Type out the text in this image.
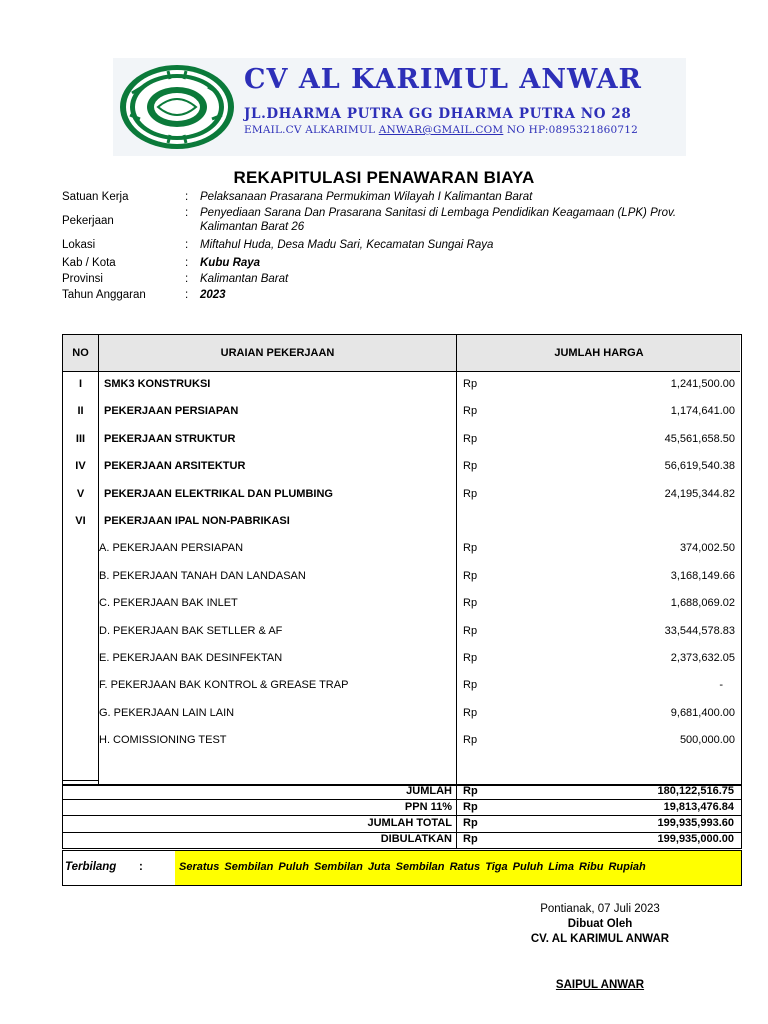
CV AL KARIMUL ANWAR
JL.DHARMA PUTRA GG DHARMA PUTRA NO 28
EMAIL.CV ALKARIMUL ANWAR@GMAIL.COM NO HP:0895321860712
REKAPITULASI PENAWARAN BIAYA
Satuan Kerja	: Pelaksanaan Prasarana Permukiman Wilayah I Kalimantan Barat
Pekerjaan
: Penyediaan Sarana Dan Prasarana Sanitasi di Lembaga Pendidikan Keagamaan (LPK) Prov.
Kalimantan Barat 26
Lokasi	: Miftahul Huda, Desa Madu Sari, Kecamatan Sungai Raya
Kab / Kota	: Kubu Raya
Provinsi	: Kalimantan Barat
Tahun Anggaran	: 2023
NO	URAIAN PEKERJAAN	JUMLAH HARGA
I	SMK3 KONSTRUKSI	Rp	1,241,500.00
II	PEKERJAAN PERSIAPAN	Rp	1,174,641.00
III	PEKERJAAN STRUKTUR	Rp	45,561,658.50
IV	PEKERJAAN ARSITEKTUR	Rp	56,619,540.38
V	PEKERJAAN ELEKTRIKAL DAN PLUMBING	Rp	24,195,344.82
VI	PEKERJAAN IPAL NON-PABRIKASI
A. PEKERJAAN PERSIAPAN	Rp	374,002.50
B. PEKERJAAN TANAH DAN LANDASAN	Rp	3,168,149.66
C. PEKERJAAN BAK INLET	Rp	1,688,069.02
D. PEKERJAAN BAK SETLLER & AF	Rp	33,544,578.83
E. PEKERJAAN BAK DESINFEKTAN	Rp	2,373,632.05
F. PEKERJAAN BAK KONTROL & GREASE TRAP	Rp	-
G. PEKERJAAN LAIN LAIN	Rp	9,681,400.00
H. COMISSIONING TEST	Rp	500,000.00
JUMLAH Rp	180,122,516.75
PPN 11% Rp	19,813,476.84
JUMLAH TOTAL Rp	199,935,993.60
DIBULATKAN Rp	199,935,000.00
Terbilang :	Seratus Sembilan Puluh Sembilan Juta Sembilan Ratus Tiga Puluh Lima Ribu Rupiah
Pontianak, 07 Juli 2023
Dibuat Oleh
CV. AL KARIMUL ANWAR
SAIPUL ANWAR
